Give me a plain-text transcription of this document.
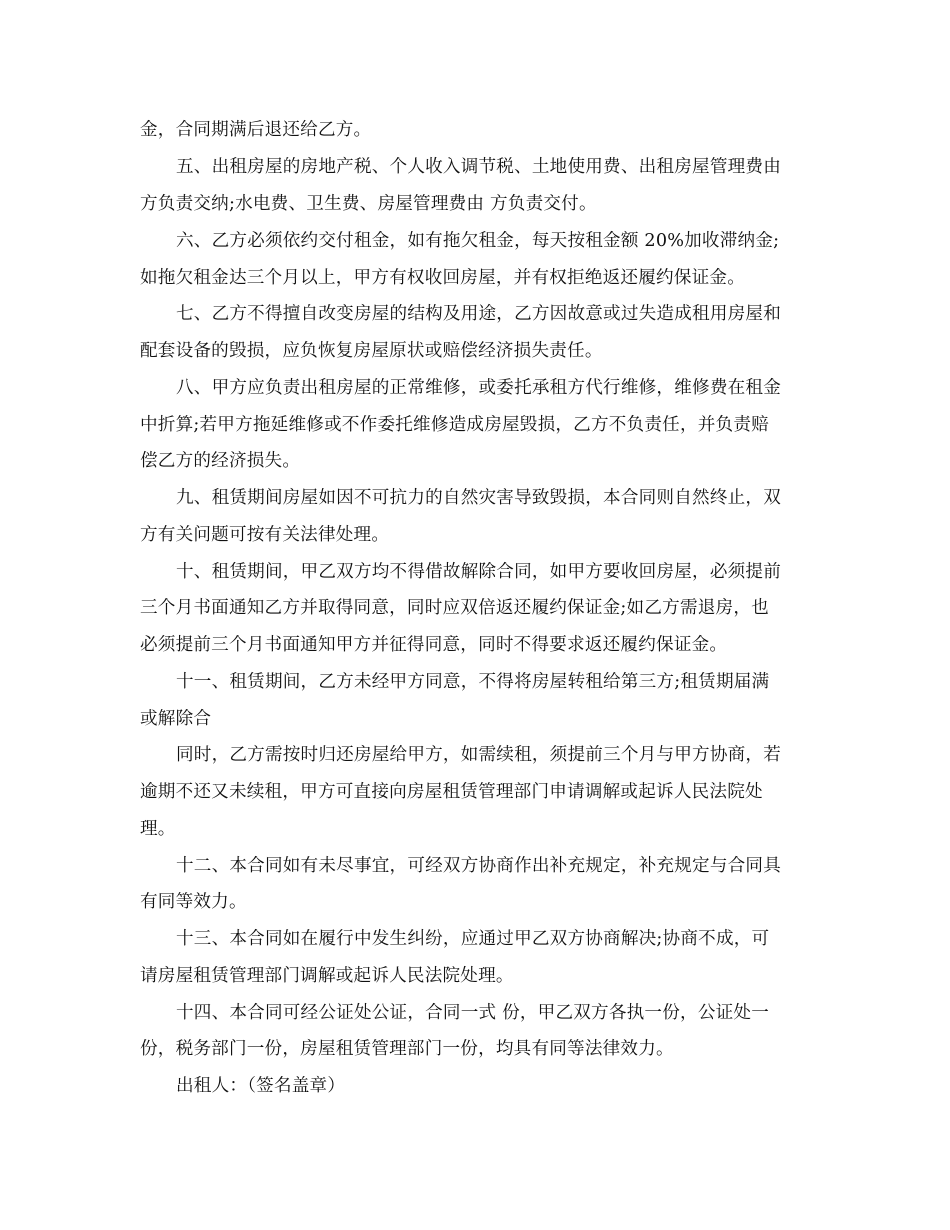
金，合同期满后退还给乙方。
五、出租房屋的房地产税、个人收入调节税、土地使用费、出租房屋管理费由
方负责交纳;水电费、卫生费、房屋管理费由 方负责交付。
六、乙方必须依约交付租金，如有拖欠租金，每天按租金额 20%加收滞纳金;
如拖欠租金达三个月以上，甲方有权收回房屋，并有权拒绝返还履约保证金。
七、乙方不得擅自改变房屋的结构及用途，乙方因故意或过失造成租用房屋和
配套设备的毁损，应负恢复房屋原状或赔偿经济损失责任。
八、甲方应负责出租房屋的正常维修，或委托承租方代行维修，维修费在租金
中折算;若甲方拖延维修或不作委托维修造成房屋毁损，乙方不负责任，并负责赔
偿乙方的经济损失。
九、租赁期间房屋如因不可抗力的自然灾害导致毁损，本合同则自然终止，双
方有关问题可按有关法律处理。
十、租赁期间，甲乙双方均不得借故解除合同，如甲方要收回房屋，必须提前
三个月书面通知乙方并取得同意，同时应双倍返还履约保证金;如乙方需退房，也
必须提前三个月书面通知甲方并征得同意，同时不得要求返还履约保证金。
十一、租赁期间，乙方未经甲方同意，不得将房屋转租给第三方;租赁期届满
或解除合
同时，乙方需按时归还房屋给甲方，如需续租，须提前三个月与甲方协商，若
逾期不还又未续租，甲方可直接向房屋租赁管理部门申请调解或起诉人民法院处
理。
十二、本合同如有未尽事宜，可经双方协商作出补充规定，补充规定与合同具
有同等效力。
十三、本合同如在履行中发生纠纷，应通过甲乙双方协商解决;协商不成，可
请房屋租赁管理部门调解或起诉人民法院处理。
十四、本合同可经公证处公证，合同一式 份，甲乙双方各执一份，公证处一
份，税务部门一份，房屋租赁管理部门一份，均具有同等法律效力。
出租人：（签名盖章）
